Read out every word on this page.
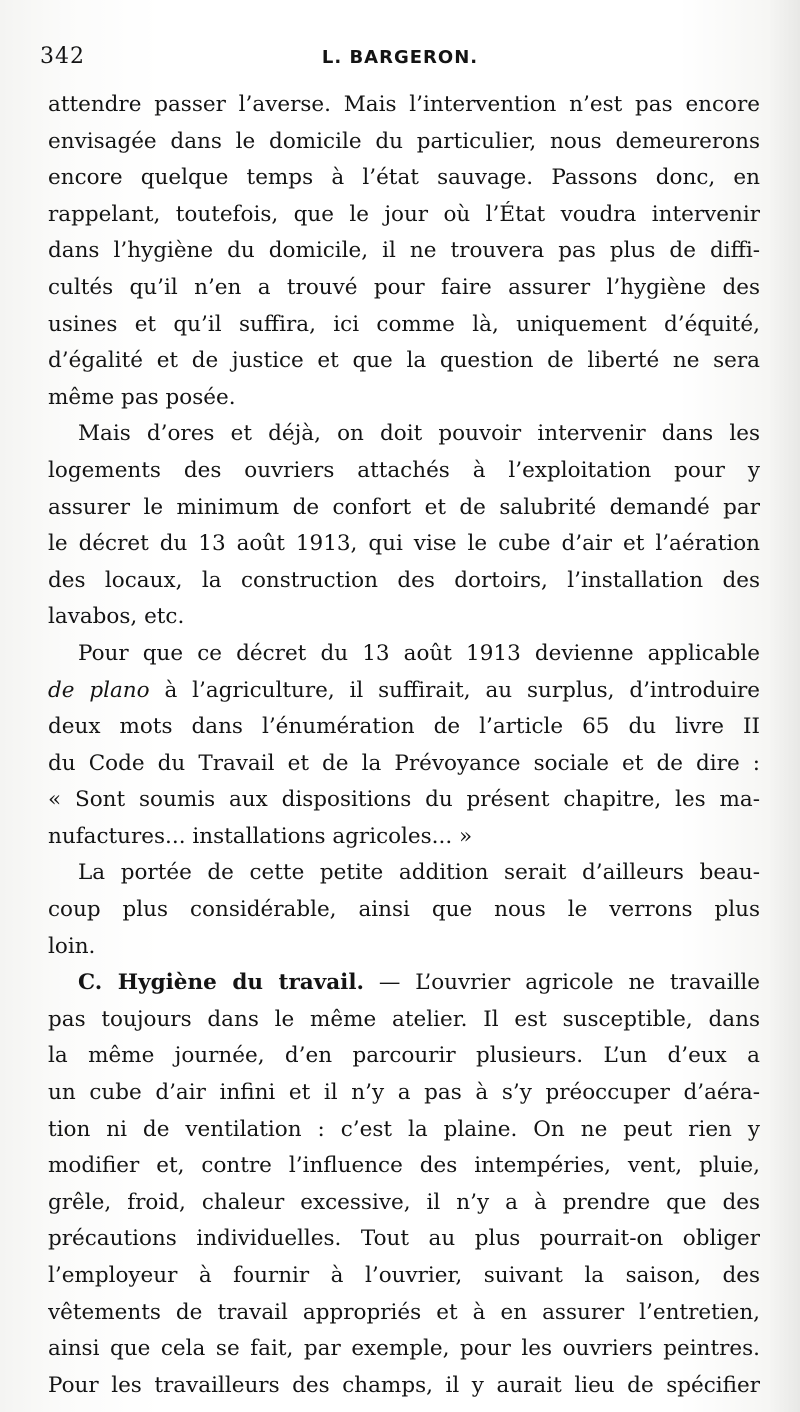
342	L. BARGERON.
attendre passer l’averse. Mais l’intervention n’est pas encore
envisagée dans le domicile du particulier, nous demeurerons
encore quelque temps à l’état sauvage. Passons donc, en
rappelant, toutefois, que le jour où l’État voudra intervenir
dans l’hygiène du domicile, il ne trouvera pas plus de diffi-
cultés qu’il n’en a trouvé pour faire assurer l’hygiène des
usines et qu’il suffira, ici comme là, uniquement d’équité,
d’égalité et de justice et que la question de liberté ne sera
même pas posée.
Mais d’ores et déjà, on doit pouvoir intervenir dans les
logements des ouvriers attachés à l’exploitation pour y
assurer le minimum de confort et de salubrité demandé par
le décret du 13 août 1913, qui vise le cube d’air et l’aération
des locaux, la construction des dortoirs, l’installation des
lavabos, etc.
Pour que ce décret du 13 août 1913 devienne applicable
de plano à l’agriculture, il suffirait, au surplus, d’introduire
deux mots dans l’énumération de l’article 65 du livre II
du Code du Travail et de la Prévoyance sociale et de dire :
« Sont soumis aux dispositions du présent chapitre, les ma-
nufactures... installations agricoles... »
La portée de cette petite addition serait d’ailleurs beau-
coup plus considérable, ainsi que nous le verrons plus
loin.
C. Hygiène du travail. — L’ouvrier agricole ne travaille
pas toujours dans le même atelier. Il est susceptible, dans
la même journée, d’en parcourir plusieurs. L’un d’eux a
un cube d’air infini et il n’y a pas à s’y préoccuper d’aéra-
tion ni de ventilation : c’est la plaine. On ne peut rien y
modifier et, contre l’influence des intempéries, vent, pluie,
grêle, froid, chaleur excessive, il n’y a à prendre que des
précautions individuelles. Tout au plus pourrait-on obliger
l’employeur à fournir à l’ouvrier, suivant la saison, des
vêtements de travail appropriés et à en assurer l’entretien,
ainsi que cela se fait, par exemple, pour les ouvriers peintres.
Pour les travailleurs des champs, il y aurait lieu de spécifier
